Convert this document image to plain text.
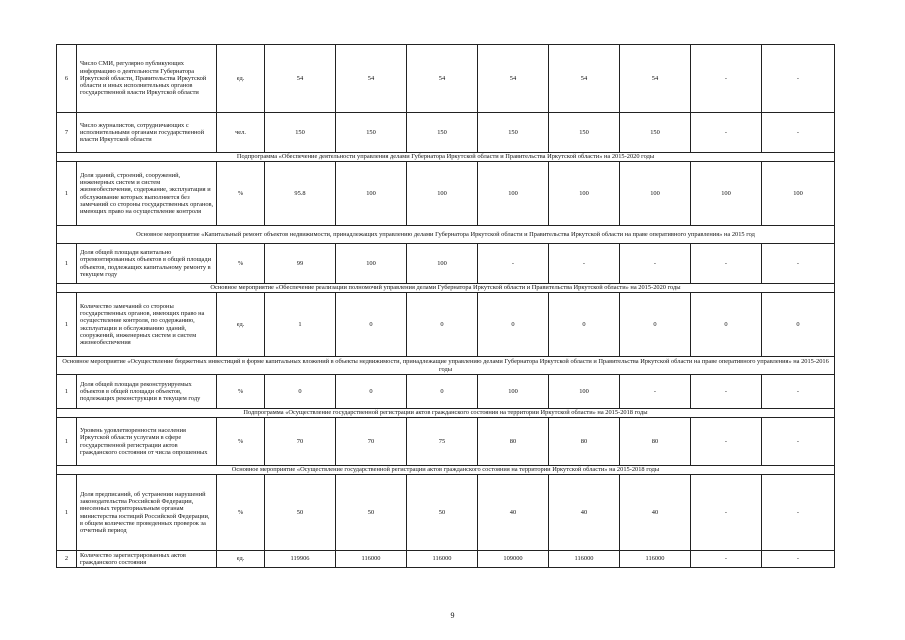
6	Число СМИ, регулярно публикующих информацию о деятельности Губернатора Иркутской области, Правительства Иркутской области и иных исполнительных органов государственной власти Иркутской области	ед.	54	54	54	54	54	54	-	-
7	Число журналистов, сотрудничающих с исполнительными органами государственной власти Иркутской области	чел.	150	150	150	150	150	150	-	-
Подпрограмма «Обеспечение деятельности управления делами Губернатора Иркутской области и Правительства Иркутской области» на 2015-2020 годы										
1	Доля зданий, строений, сооружений, инженерных систем и систем жизнеобеспечения, содержание, эксплуатация и обслуживание которых выполняется без замечаний со стороны государственных органов, имеющих право на осуществление контроля	%	95.8	100	100	100	100	100	100	100
Основное мероприятие «Капитальный ремонт объектов недвижимости, принадлежащих управлению делами Губернатора Иркутской области и Правительства Иркутской области на праве оперативного управления» на 2015 год										
1	Доля общей площади капитально отремонтированных объектов в общей площади объектов, подлежащих капитальному ремонту в текущем году	%	99	100	100	-	-	-	-	-
Основное мероприятие «Обеспечение реализации полномочий управления делами Губернатора Иркутской области и Правительства Иркутской области» на 2015-2020 годы										
1	Количество замечаний со стороны государственных органов, имеющих право на осуществление контроля, по содержанию, эксплуатации и обслуживанию зданий, сооружений, инженерных систем и систем жизнеобеспечения	ед.	1	0	0	0	0	0	0	0
Основное мероприятие «Осуществление бюджетных инвестиций в форме капитальных вложений в объекты недвижимости, принадлежащие управлению делами Губернатора Иркутской области и Правительства Иркутской области на праве оперативного управления» на 2015-2016 годы										
1	Доля общей площади реконструируемых объектов в общей площади объектов, подлежащих реконструкции в текущем году	%	0	0	0	100	100	-	-	-
Подпрограмма «Осуществление государственной регистрации актов гражданского состояния на территории Иркутской области» на 2015-2018 годы										
1	Уровень удовлетворенности населения Иркутской области услугами в сфере государственной регистрации актов гражданского состояния от числа опрошенных	%	70	70	75	80	80	80	-	-
Основное мероприятие «Осуществление государственной регистрации актов гражданского состояния на территории Иркутской области» на 2015-2018 годы										
1	Доля предписаний, об устранении нарушений законодательства Российской Федерации, внесенных территориальным органам министерства юстиций Российской Федерации, в общем количестве проведенных проверок за отчетный период	%	50	50	50	40	40	40	-	-
2	Количество зарегистрированных актов гражданского состояния	ед.	119906	116000	116000	109000	116000	116000	-	-
9
